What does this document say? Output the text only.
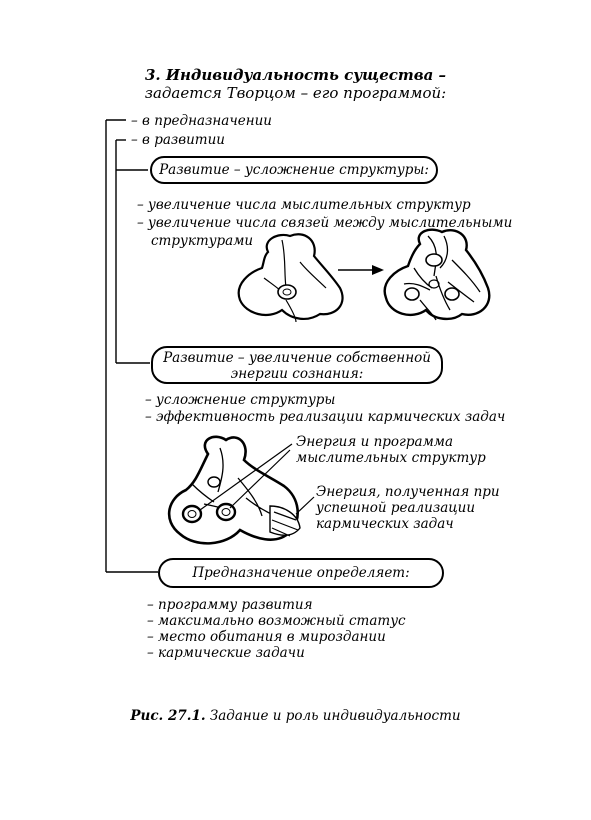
3. Индивидуальность существа –
задается Творцом – его программой:
– в предназначении
– в развитии
Развитие – усложнение структуры:
– увеличение числа мыслительных структур
– увеличение числа связей между мыслительными
структурами
Развитие – увеличение собственной
энергии сознания:
– усложнение структуры
– эффективность реализации кармических задач
Энергия и программа
мыслительных структур
Энергия, полученная при
успешной реализации
кармических задач
Предназначение определяет:
– программу развития
– максимально возможный статус
– место обитания в мироздании
– кармические задачи
Рис. 27.1. Задание и роль индивидуальности
